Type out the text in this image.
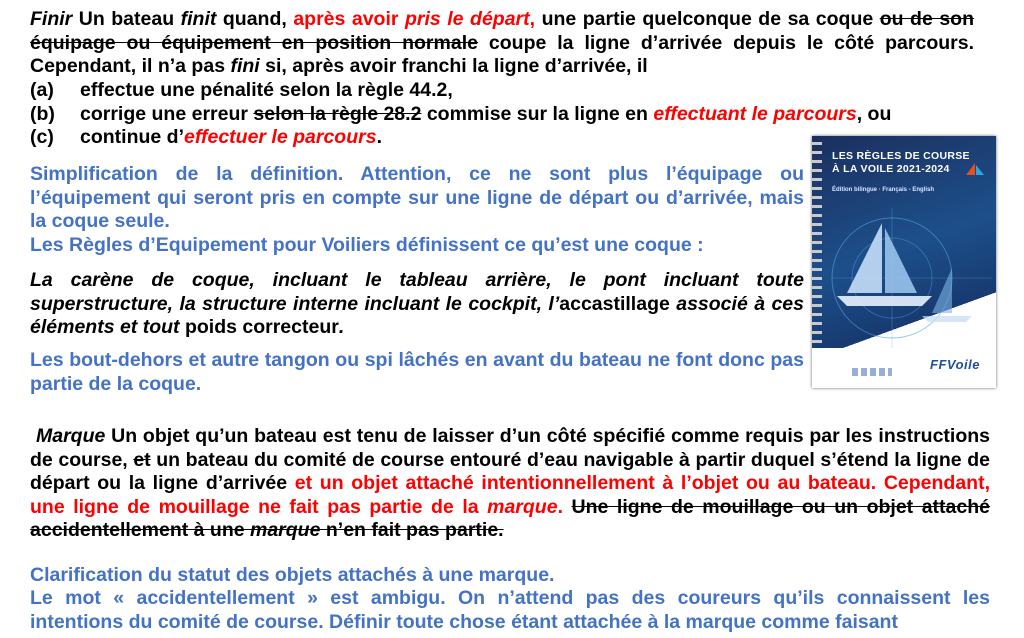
Finir Un bateau finit quand, après avoir pris le départ, une partie quelconque de sa coque ou de son équipage ou équipement en position normale coupe la ligne d’arrivée depuis le côté parcours. Cependant, il n’a pas fini si, après avoir franchi la ligne d’arrivée, il
(a)	effectue une pénalité selon la règle 44.2,
(b)	corrige une erreur selon la règle 28.2 commise sur la ligne en effectuant le parcours, ou
(c)	continue d’effectuer le parcours.
Simplification de la définition. Attention, ce ne sont plus l’équipage ou l’équipement qui seront pris en compte sur une ligne de départ ou d’arrivée, mais la coque seule.
Les Règles d’Equipement pour Voiliers définissent ce qu’est une coque :
La carène de coque, incluant le tableau arrière, le pont incluant toute superstructure, la structure interne incluant le cockpit, l’accastillage associé à ces éléments et tout poids correcteur.
Les bout-dehors et autre tangon ou spi lâchés en avant du bateau ne font donc pas partie de la coque.
LES RÈGLES DE COURSE
À LA VOILE 2021-2024
Édition bilingue · Français - English
FFVoile
Marque Un objet qu’un bateau est tenu de laisser d’un côté spécifié comme requis par les instructions de course, et un bateau du comité de course entouré d’eau navigable à partir duquel s’étend la ligne de départ ou la ligne d’arrivée et un objet attaché intentionnellement à l’objet ou au bateau. Cependant, une ligne de mouillage ne fait pas partie de la marque. Une ligne de mouillage ou un objet attaché accidentellement à une marque n’en fait pas partie.
Clarification du statut des objets attachés à une marque.
Le mot « accidentellement » est ambigu. On n’attend pas des coureurs qu’ils connaissent les intentions du comité de course. Définir toute chose étant attachée à la marque comme faisant
